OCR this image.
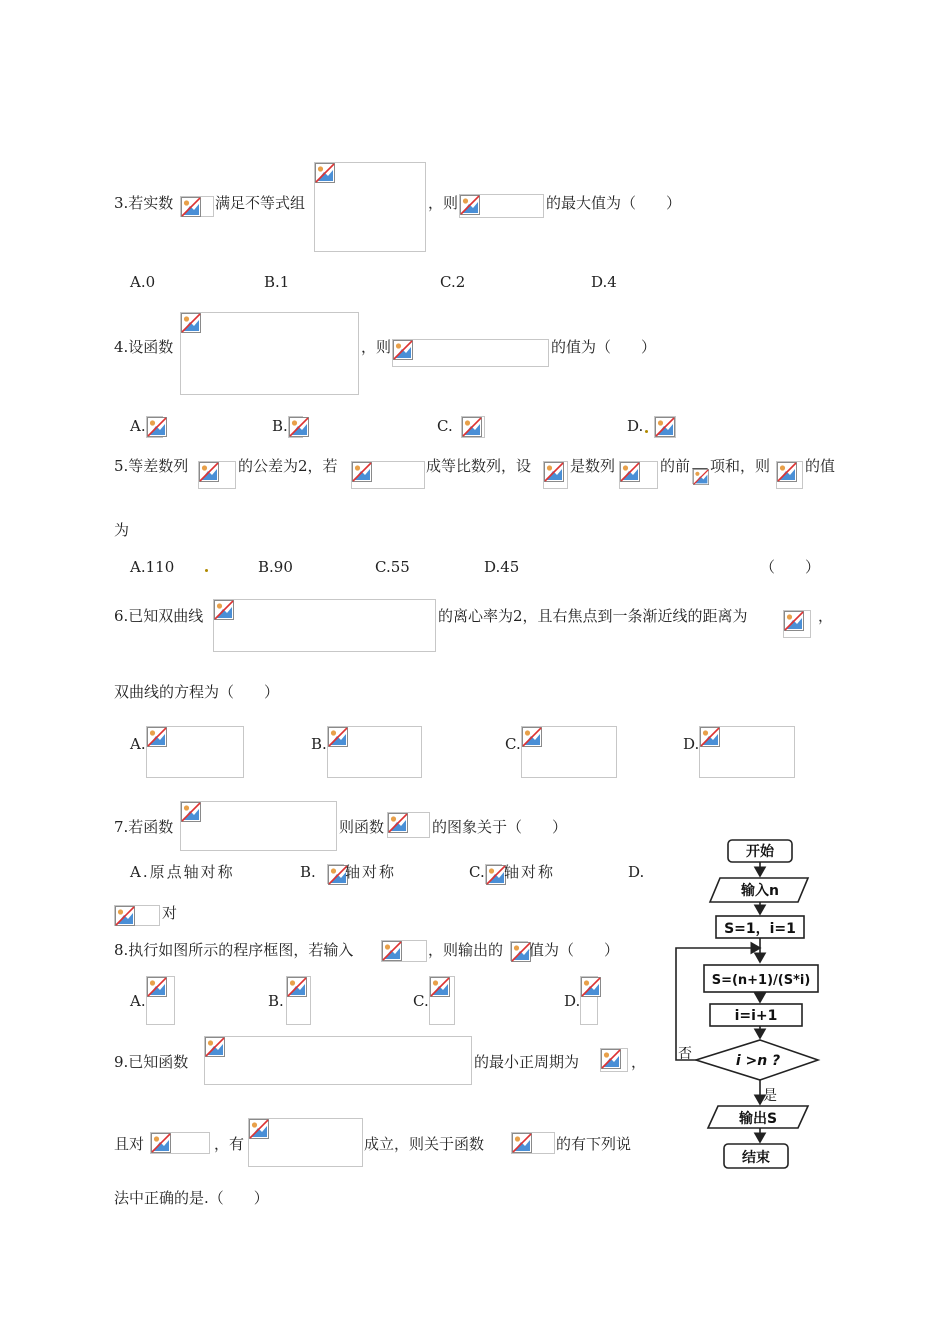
3.若实数	满足不等式组	，则	的最大值为（　　）
A.0	B.1	C.2	D.4
4.设函数	，则	的值为（　　）
A.	B.	C.	D.
5.等差数列	的公差为2，若	成等比数列，设	是数列	的前 项和，则 的值
为
A.110	B.90	C.55	D.45	（　　）
6.已知双曲线	的离心率为2，且右焦点到一条渐近线的距离为	，
双曲线的方程为（　　）
A.	B.	C.	D.
7.若函数	则函数	的图象关于（　　）
A.原点轴对称	B. 轴对称	C. 轴对称	D.
对
8.执行如图所示的程序框图，若输入	，则输出的 值为（　　）
A.	B.	C.	D.
9.已知函数	的最小正周期为	，
且对	，有	成立，则关于函数	的有下列说
法中正确的是.（　　）
开始
输入n
S=1，i=1
S=(n+1)/(S*i)
i=i+1
i >n ?
否
是
输出S
结束
